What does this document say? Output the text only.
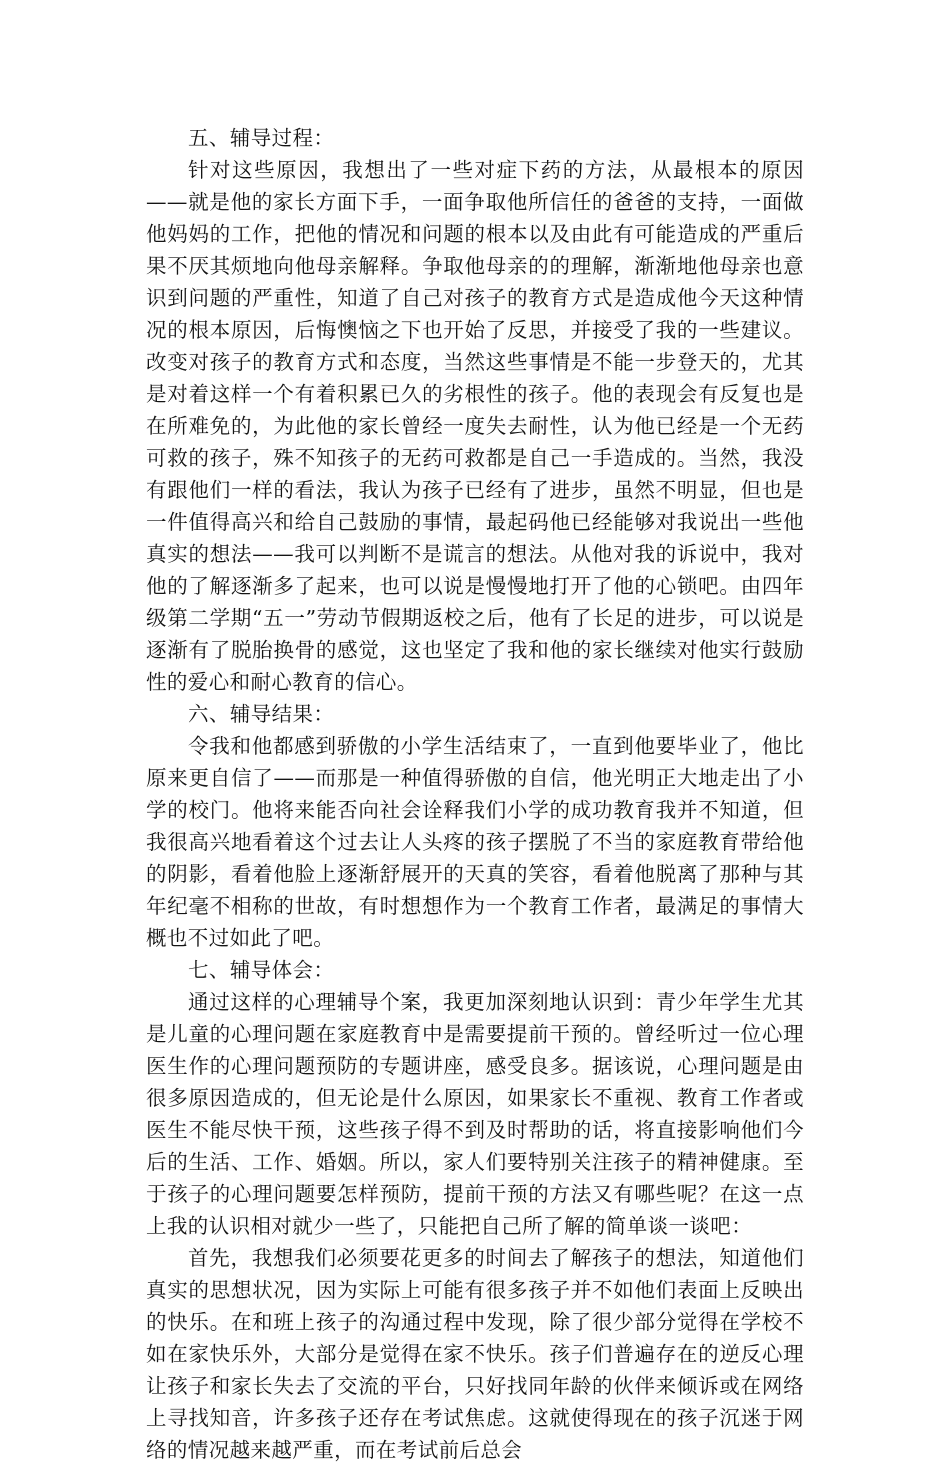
五、辅导过程：

针对这些原因，我想出了一些对症下药的方法，从最根本的原因——就是他的家长方面下手，一面争取他所信任的爸爸的支持，一面做他妈妈的工作，把他的情况和问题的根本以及由此有可能造成的严重后果不厌其烦地向他母亲解释。争取他母亲的的理解，渐渐地他母亲也意识到问题的严重性，知道了自己对孩子的教育方式是造成他今天这种情况的根本原因，后悔懊恼之下也开始了反思，并接受了我的一些建议。改变对孩子的教育方式和态度，当然这些事情是不能一步登天的，尤其是对着这样一个有着积累已久的劣根性的孩子。他的表现会有反复也是在所难免的，为此他的家长曾经一度失去耐性，认为他已经是一个无药可救的孩子，殊不知孩子的无药可救都是自己一手造成的。当然，我没有跟他们一样的看法，我认为孩子已经有了进步，虽然不明显，但也是一件值得高兴和给自己鼓励的事情，最起码他已经能够对我说出一些他真实的想法——我可以判断不是谎言的想法。从他对我的诉说中，我对他的了解逐渐多了起来，也可以说是慢慢地打开了他的心锁吧。由四年级第二学期“五一”劳动节假期返校之后，他有了长足的进步，可以说是逐渐有了脱胎换骨的感觉，这也坚定了我和他的家长继续对他实行鼓励性的爱心和耐心教育的信心。

六、辅导结果：

令我和他都感到骄傲的小学生活结束了，一直到他要毕业了，他比原来更自信了——而那是一种值得骄傲的自信，他光明正大地走出了小学的校门。他将来能否向社会诠释我们小学的成功教育我并不知道，但我很高兴地看着这个过去让人头疼的孩子摆脱了不当的家庭教育带给他的阴影，看着他脸上逐渐舒展开的天真的笑容，看着他脱离了那种与其年纪毫不相称的世故，有时想想作为一个教育工作者，最满足的事情大概也不过如此了吧。

七、辅导体会：

通过这样的心理辅导个案，我更加深刻地认识到：青少年学生尤其是儿童的心理问题在家庭教育中是需要提前干预的。曾经听过一位心理医生作的心理问题预防的专题讲座，感受良多。据该说，心理问题是由很多原因造成的，但无论是什么原因，如果家长不重视、教育工作者或医生不能尽快干预，这些孩子得不到及时帮助的话，将直接影响他们今后的生活、工作、婚姻。所以，家人们要特别关注孩子的精神健康。至于孩子的心理问题要怎样预防，提前干预的方法又有哪些呢？在这一点上我的认识相对就少一些了，只能把自己所了解的简单谈一谈吧：

首先，我想我们必须要花更多的时间去了解孩子的想法，知道他们真实的思想状况，因为实际上可能有很多孩子并不如他们表面上反映出的快乐。在和班上孩子的沟通过程中发现，除了很少部分觉得在学校不如在家快乐外，大部分是觉得在家不快乐。孩子们普遍存在的逆反心理让孩子和家长失去了交流的平台，只好找同年龄的伙伴来倾诉或在网络上寻找知音，许多孩子还存在考试焦虑。这就使得现在的孩子沉迷于网络的情况越来越严重，而在考试前后总会
